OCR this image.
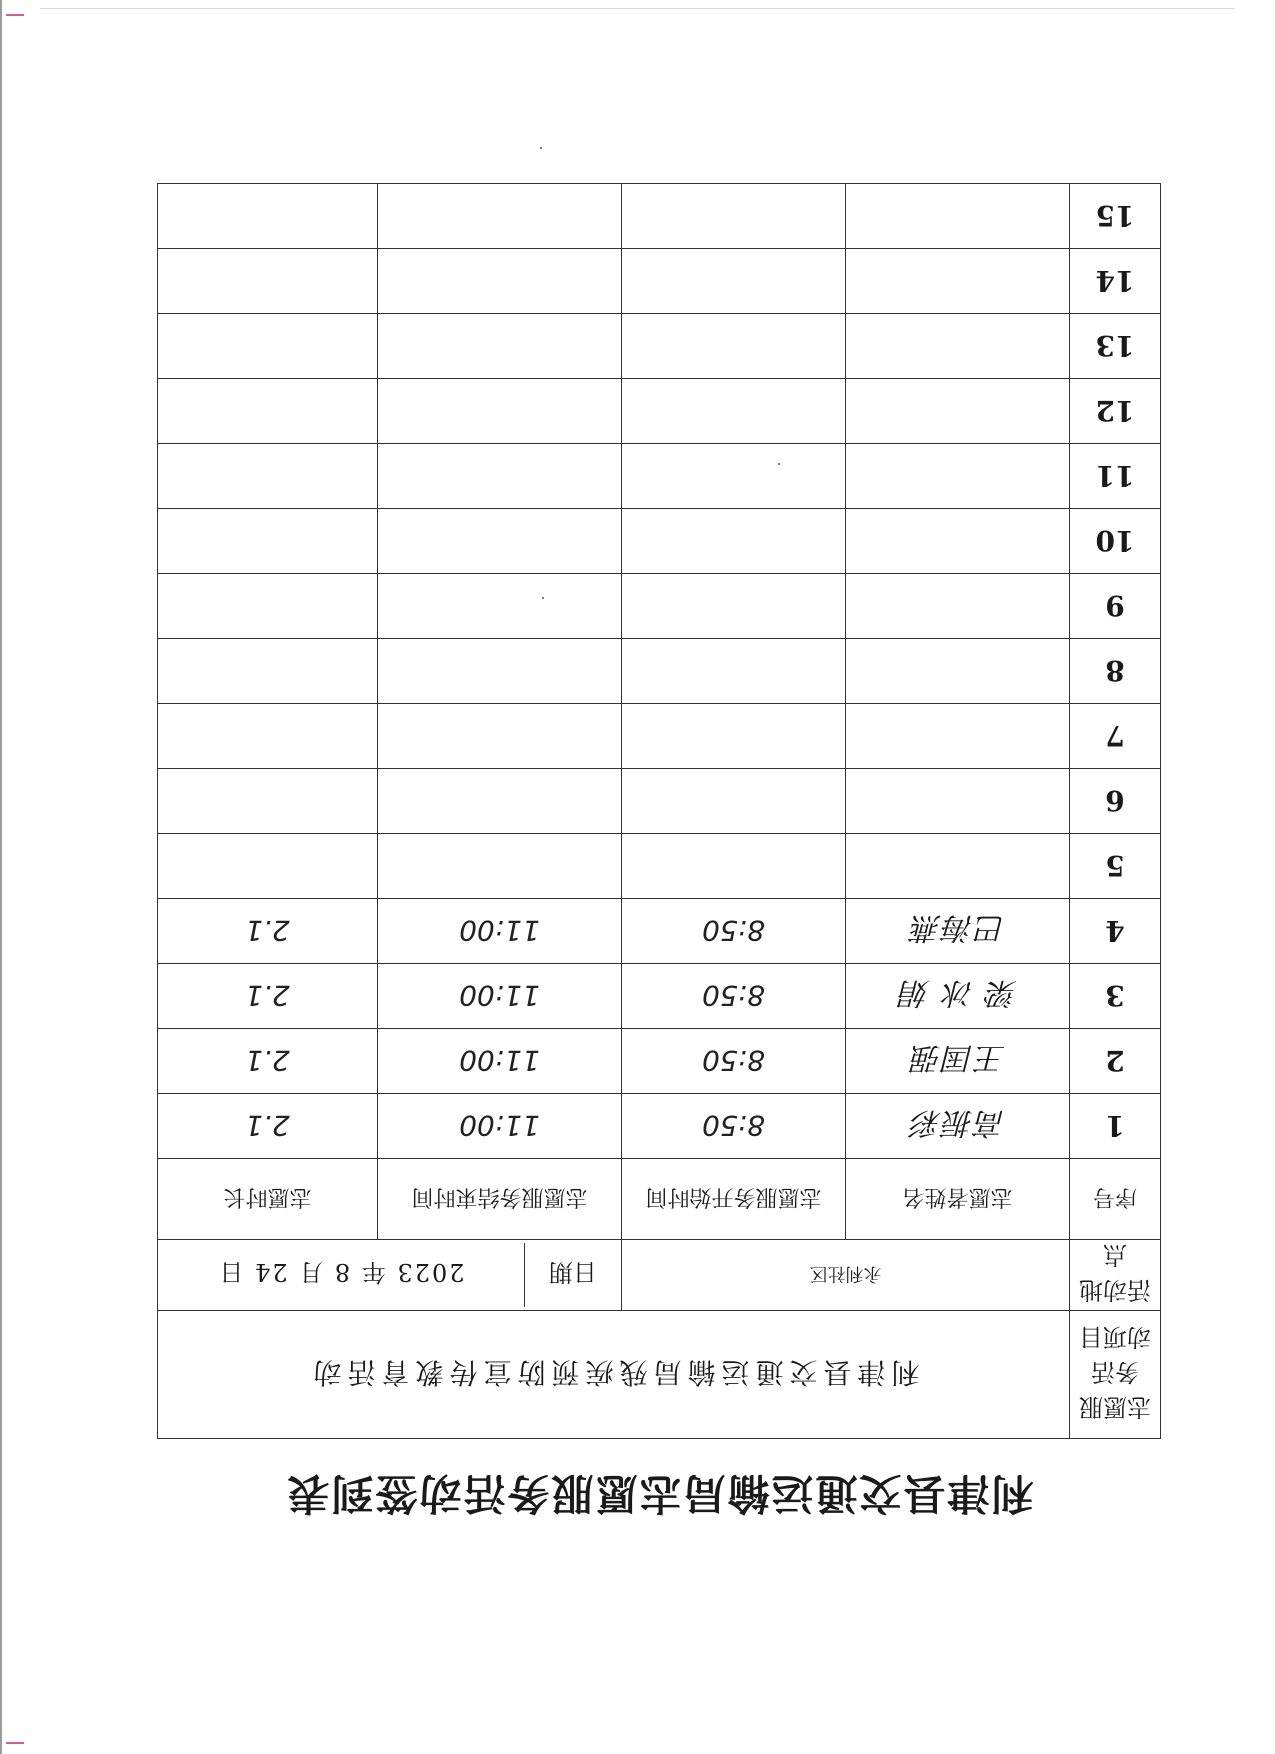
利津县交通运输局志愿服务活动签到表
志愿服务活
动项目	利津县交通运输局残疾预防宣传教育活动			
活动地点	永利社区		日期
2023 年 8 月 24 日	

序号	志愿者姓名	志愿服务开始时间	志愿服务结束时间	志愿时长
1	高振彩	8:50	11:00	2.1
2	王国强	8:50	11:00	2.1
3	梁 冰 娟	8:50	11:00	2.1
4	巴海燕	8:50	11:00	2.1
5				
6				
7				
8				
9				
10				
11				
12				
13				
14				
15				
